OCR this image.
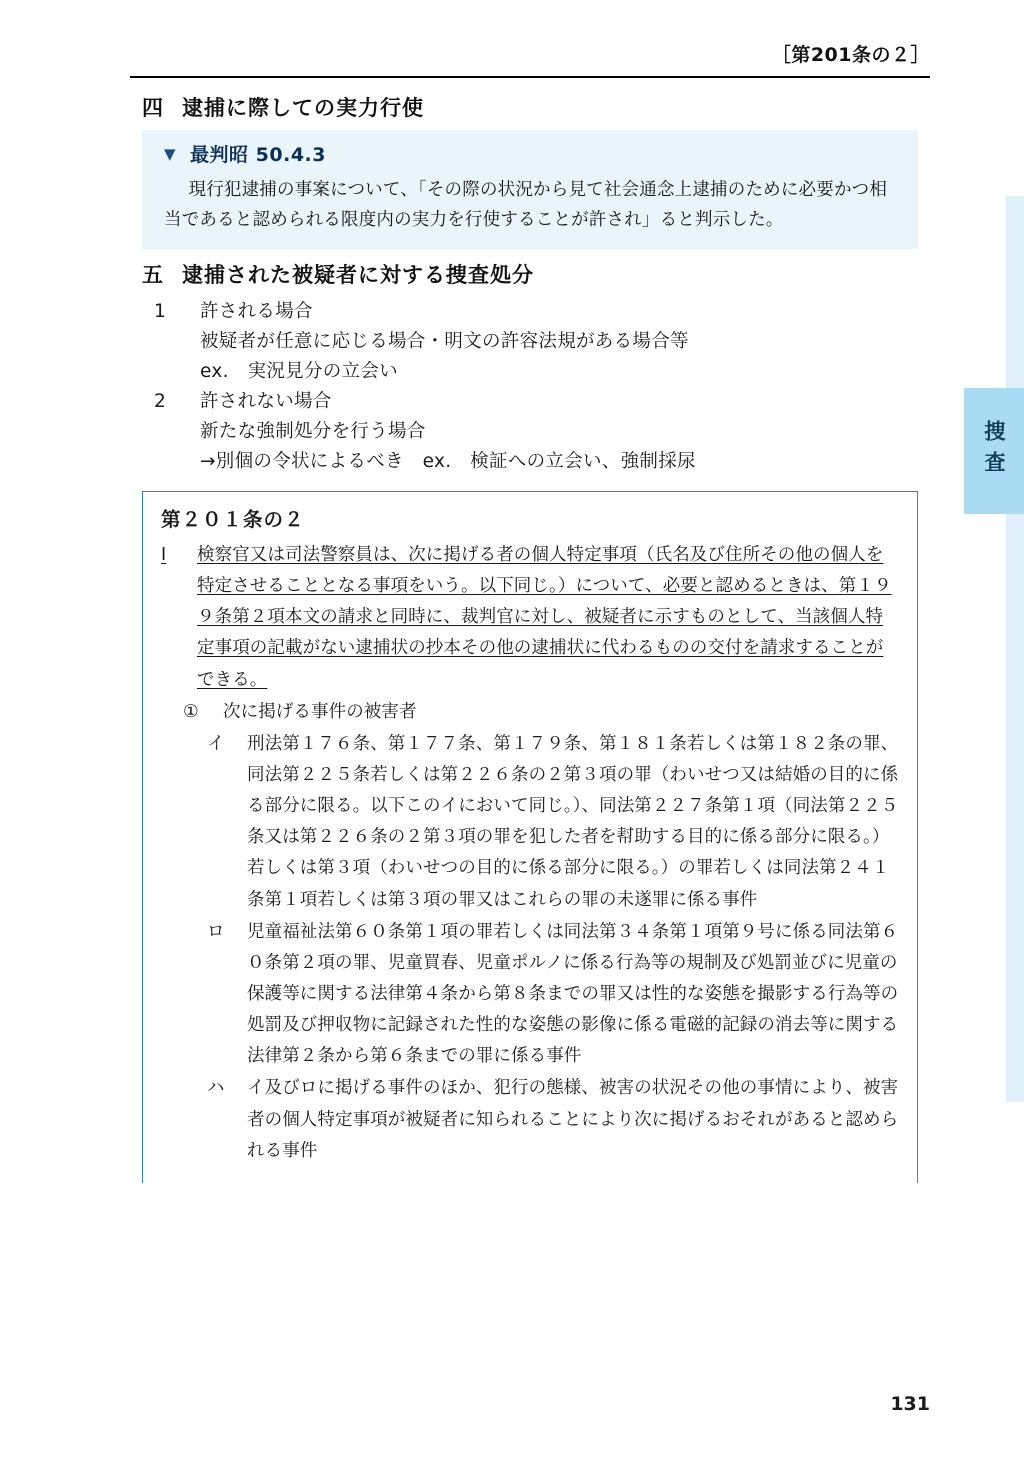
［第201条の２］
四 逮捕に際しての実力行使
▼ 最判昭 50.4.3
現行犯逮捕の事案について、「その際の状況から見て社会通念上逮捕のために必要かつ相当であると認められる限度内の実力を行使することが許され」ると判示した。
五 逮捕された被疑者に対する捜査処分
1	許される場合
被疑者が任意に応じる場合・明文の許容法規がある場合等
ex.　実況見分の立会い
2	許されない場合
新たな強制処分を行う場合
→別個の令状によるべき　ex.　検証への立会い、強制採尿
第２０１条の２
Ⅰ	検察官又は司法警察員は、次に掲げる者の個人特定事項（氏名及び住所その他の個人を特定させることとなる事項をいう。以下同じ。）について、必要と認めるときは、第１９９条第２項本文の請求と同時に、裁判官に対し、被疑者に示すものとして、当該個人特定事項の記載がない逮捕状の抄本その他の逮捕状に代わるものの交付を請求することができる。
①	次に掲げる事件の被害者
イ	刑法第１７６条、第１７７条、第１７９条、第１８１条若しくは第１８２条の罪、同法第２２５条若しくは第２２６条の２第３項の罪（わいせつ又は結婚の目的に係る部分に限る。以下このイにおいて同じ。）、同法第２２７条第１項（同法第２２５条又は第２２６条の２第３項の罪を犯した者を幇助する目的に係る部分に限る。）若しくは第３項（わいせつの目的に係る部分に限る。）の罪若しくは同法第２４１条第１項若しくは第３項の罪又はこれらの罪の未遂罪に係る事件
ロ	児童福祉法第６０条第１項の罪若しくは同法第３４条第１項第９号に係る同法第６０条第２項の罪、児童買春、児童ポルノに係る行為等の規制及び処罰並びに児童の保護等に関する法律第４条から第８条までの罪又は性的な姿態を撮影する行為等の処罰及び押収物に記録された性的な姿態の影像に係る電磁的記録の消去等に関する法律第２条から第６条までの罪に係る事件
ハ	イ及びロに掲げる事件のほか、犯行の態様、被害の状況その他の事情により、被害者の個人特定事項が被疑者に知られることにより次に掲げるおそれがあると認められる事件
捜査
131
